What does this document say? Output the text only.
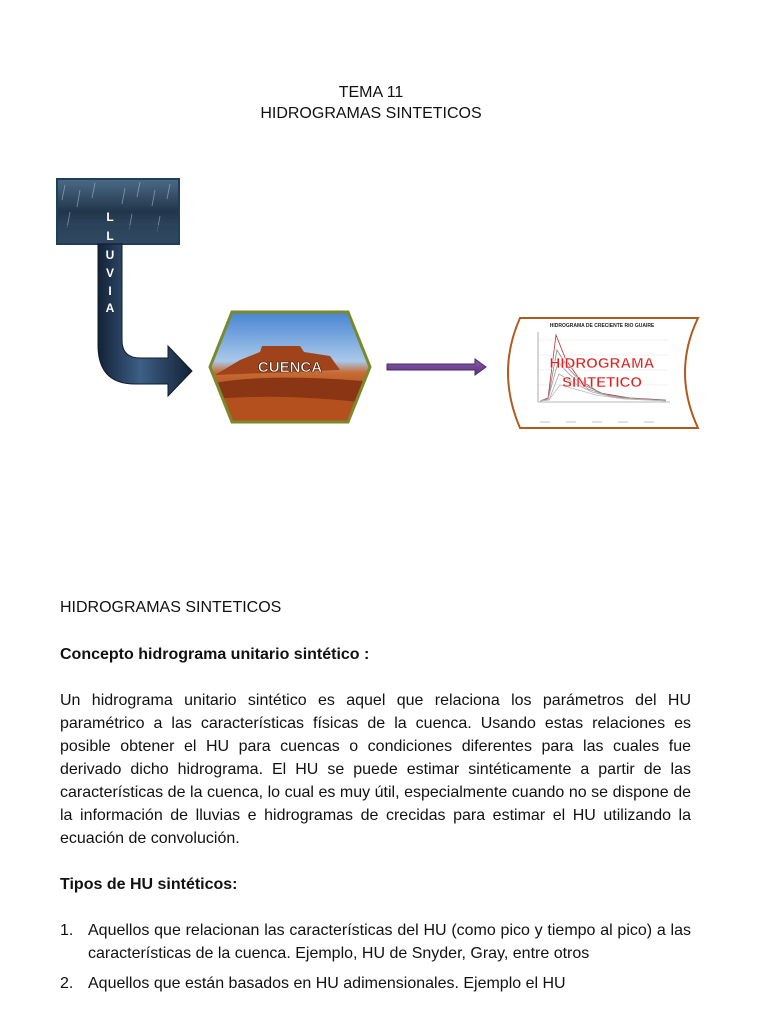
TEMA 11
HIDROGRAMAS SINTETICOS
L
L
U
V
I
A
CUENCA
HIDROGRAMA DE CRECIENTE RIO GUAIRE
HIDROGRAMA
SINTETICO

HIDROGRAMAS SINTETICOS

Concepto hidrograma unitario sintético :

Un hidrograma unitario sintético es aquel que relaciona los parámetros del HU paramétrico a las características físicas de la cuenca. Usando estas relaciones es posible obtener el HU para cuencas o condiciones diferentes para las cuales fue derivado dicho hidrograma. El HU se puede estimar sintéticamente a partir de las características de la cuenca, lo cual es muy útil, especialmente cuando no se dispone de la información de lluvias e hidrogramas de crecidas para estimar el HU utilizando la ecuación de convolución.

Tipos de HU sintéticos:

1. Aquellos que relacionan las características del HU (como pico y tiempo al pico) a las características de la cuenca. Ejemplo, HU de Snyder, Gray, entre otros
2. Aquellos que están basados en HU adimensionales. Ejemplo el HU
